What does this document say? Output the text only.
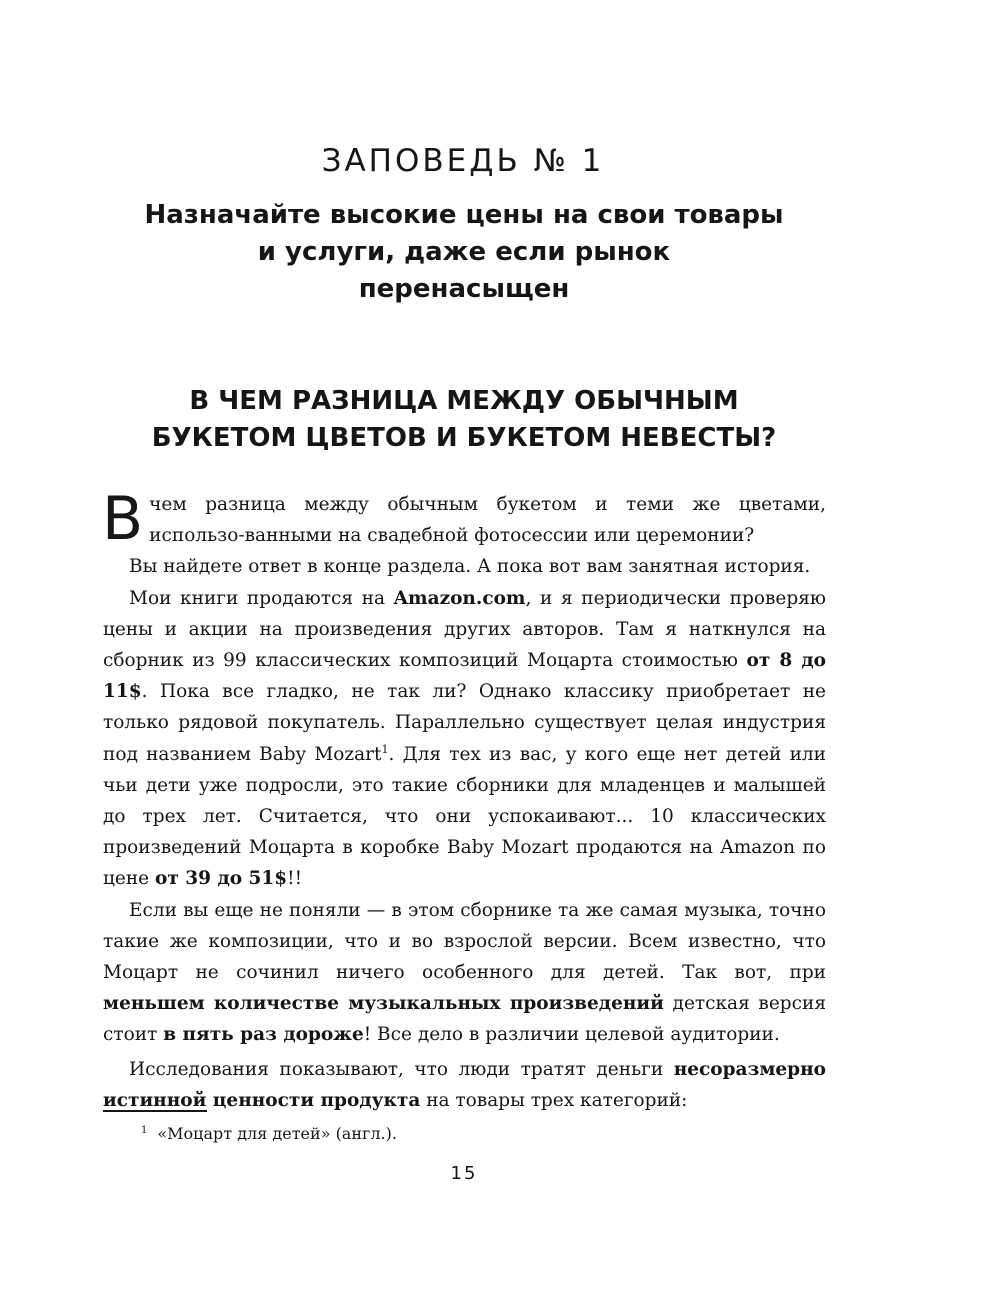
ЗАПОВЕДЬ № 1
Назначайте высокие цены на свои товары
и услуги, даже если рынок
перенасыщен
В ЧЕМ РАЗНИЦА МЕЖДУ ОБЫЧНЫМ
БУКЕТОМ ЦВЕТОВ И БУКЕТОМ НЕВЕСТЫ?

Вчем разница между обычным букетом и теми же цветами, использо-ванными на свадебной фотосессии или церемонии?

Вы найдете ответ в конце раздела. А пока вот вам занятная история.

Мои книги продаются на Amazon.com, и я периодически проверяю цены и акции на произведения других авторов. Там я наткнулся на сборник из 99 классических композиций Моцарта стоимостью от 8 до 11$. Пока все гладко, не так ли? Однако классику приобретает не только рядовой покупатель. Параллельно существует целая индустрия под названием Baby Mozart$^1$. Для тех из вас, у кого еще нет детей или чьи дети уже подросли, это такие сборники для младенцев и малышей до трех лет. Считается, что они успокаивают... 10 классических произведений Моцарта в коробке Baby Mozart продаются на Amazon по цене от 39 до 51$!!

Если вы еще не поняли — в этом сборнике та же самая музыка, точно такие же композиции, что и во взрослой версии. Всем известно, что Моцарт не сочинил ничего особенного для детей. Так вот, при меньшем количестве музыкальных произведений детская версия стоит в пять раз дороже! Все дело в различии целевой аудитории.

Исследования показывают, что люди тратят деньги несоразмерно истинной ценности продукта на товары трех категорий:

$^1$ «Моцарт для детей» (англ.).
15
